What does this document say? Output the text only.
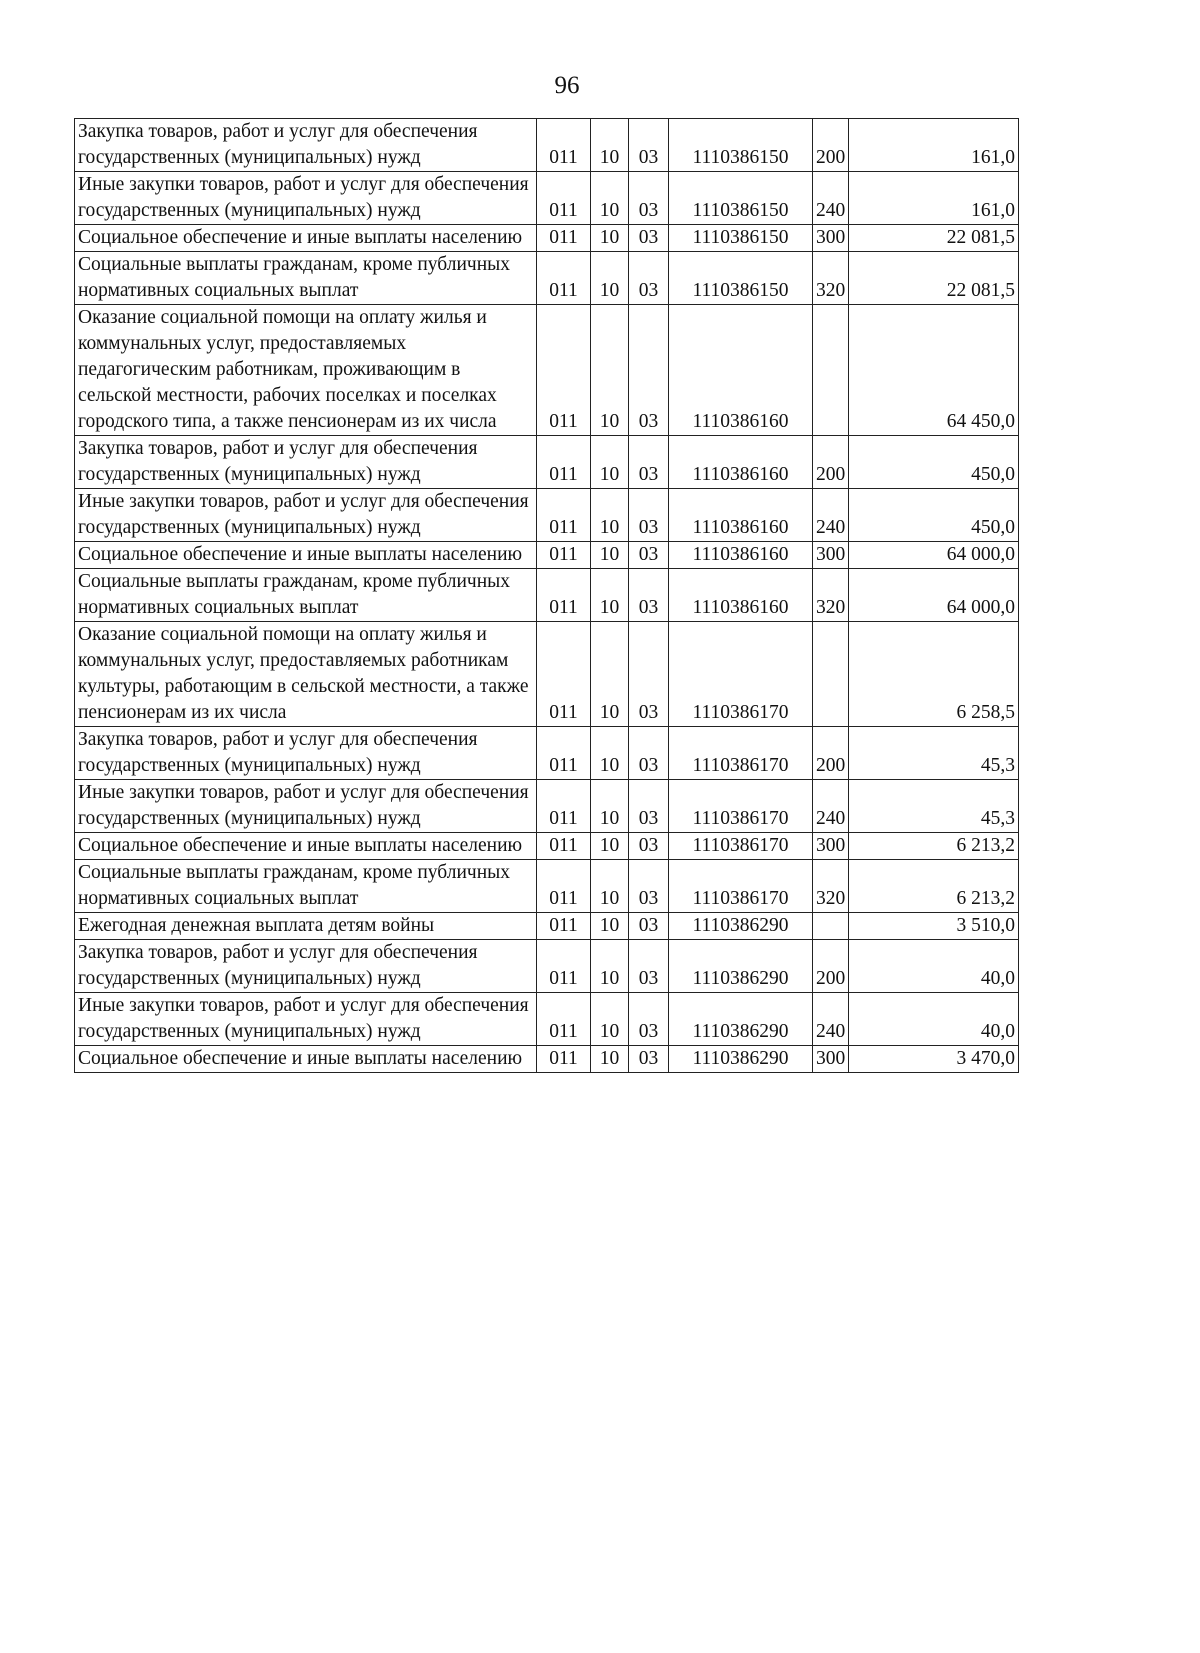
96
Закупка товаров, работ и услуг для обеспечения государственных (муниципальных) нужд	011	10	03	1110386150	200	161,0
Иные закупки товаров, работ и услуг для обеспечения государственных (муниципальных) нужд	011	10	03	1110386150	240	161,0
Социальное обеспечение и иные выплаты населению	011	10	03	1110386150	300	22 081,5
Социальные выплаты гражданам, кроме публичных нормативных социальных выплат	011	10	03	1110386150	320	22 081,5
Оказание социальной помощи на оплату жилья и коммунальных услуг, предоставляемых педагогическим работникам, проживающим в сельской местности, рабочих поселках и поселках городского типа, а также пенсионерам из их числа	011	10	03	1110386160		64 450,0
Закупка товаров, работ и услуг для обеспечения государственных (муниципальных) нужд	011	10	03	1110386160	200	450,0
Иные закупки товаров, работ и услуг для обеспечения государственных (муниципальных) нужд	011	10	03	1110386160	240	450,0
Социальное обеспечение и иные выплаты населению	011	10	03	1110386160	300	64 000,0
Социальные выплаты гражданам, кроме публичных нормативных социальных выплат	011	10	03	1110386160	320	64 000,0
Оказание социальной помощи на оплату жилья и коммунальных услуг, предоставляемых работникам культуры, работающим в сельской местности, а также пенсионерам из их числа	011	10	03	1110386170		6 258,5
Закупка товаров, работ и услуг для обеспечения государственных (муниципальных) нужд	011	10	03	1110386170	200	45,3
Иные закупки товаров, работ и услуг для обеспечения государственных (муниципальных) нужд	011	10	03	1110386170	240	45,3
Социальное обеспечение и иные выплаты населению	011	10	03	1110386170	300	6 213,2
Социальные выплаты гражданам, кроме публичных нормативных социальных выплат	011	10	03	1110386170	320	6 213,2
Ежегодная денежная выплата детям войны	011	10	03	1110386290		3 510,0
Закупка товаров, работ и услуг для обеспечения государственных (муниципальных) нужд	011	10	03	1110386290	200	40,0
Иные закупки товаров, работ и услуг для обеспечения государственных (муниципальных) нужд	011	10	03	1110386290	240	40,0
Социальное обеспечение и иные выплаты населению	011	10	03	1110386290	300	3 470,0
